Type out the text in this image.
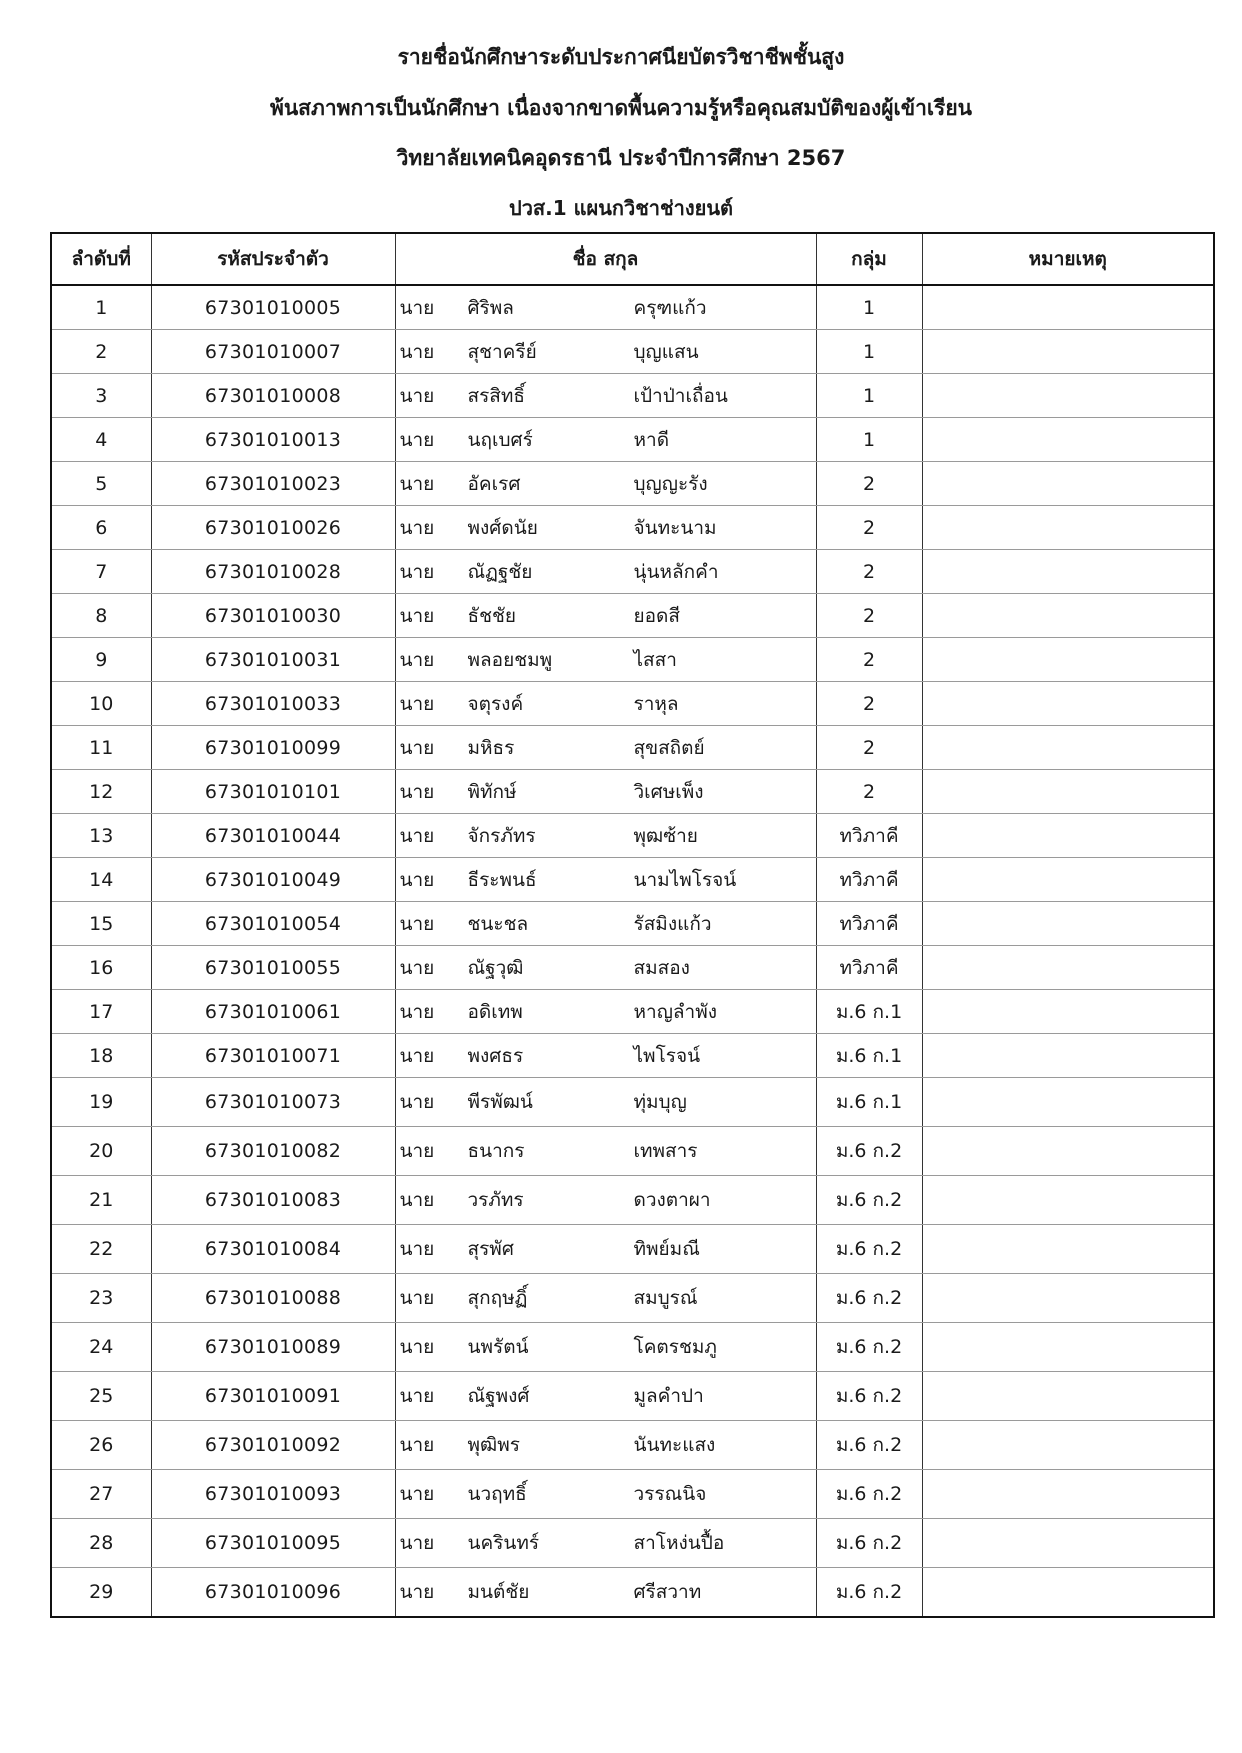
รายชื่อนักศึกษาระดับประกาศนียบัตรวิชาชีพชั้นสูง
พ้นสภาพการเป็นนักศึกษา เนื่องจากขาดพื้นความรู้หรือคุณสมบัติของผู้เข้าเรียน
วิทยาลัยเทคนิคอุดรธานี ประจำปีการศึกษา 2567
ปวส.1 แผนกวิชาช่างยนต์
ลำดับที่	รหัสประจำตัว	ชื่อ สกุล	กลุ่ม	หมายเหตุ
1	67301010005	นาย ศิริพล ครุฑแก้ว	1	
2	67301010007	นาย สุชาครีย์ บุญแสน	1	
3	67301010008	นาย สรสิทธิ์ เป้าป่าเถื่อน	1	
4	67301010013	นาย นฤเบศร์ หาดี	1	
5	67301010023	นาย อัคเรศ บุญญะรัง	2	
6	67301010026	นาย พงศ์ดนัย จันทะนาม	2	
7	67301010028	นาย ณัฏฐชัย นุ่นหลักคำ	2	
8	67301010030	นาย ธัชชัย ยอดสี	2	
9	67301010031	นาย พลอยชมพู ไสสา	2	
10	67301010033	นาย จตุรงค์ ราหุล	2	
11	67301010099	นาย มหิธร สุขสถิตย์	2	
12	67301010101	นาย พิทักษ์ วิเศษเพ็ง	2	
13	67301010044	นาย จักรภัทร พุฒซ้าย	ทวิภาคี	
14	67301010049	นาย ธีระพนธ์ นามไพโรจน์	ทวิภาคี	
15	67301010054	นาย ชนะชล รัสมิงแก้ว	ทวิภาคี	
16	67301010055	นาย ณัฐวุฒิ สมสอง	ทวิภาคี	
17	67301010061	นาย อดิเทพ หาญลำพัง	ม.6 ก.1	
18	67301010071	นาย พงศธร ไพโรจน์	ม.6 ก.1	
19	67301010073	นาย พีรพัฒน์ ทุ่มบุญ	ม.6 ก.1	
20	67301010082	นาย ธนากร เทพสาร	ม.6 ก.2	
21	67301010083	นาย วรภัทร ดวงตาผา	ม.6 ก.2	
22	67301010084	นาย สุรพัศ ทิพย์มณี	ม.6 ก.2	
23	67301010088	นาย สุกฤษฏิ์ สมบูรณ์	ม.6 ก.2	
24	67301010089	นาย นพรัตน์ โคตรชมภู	ม.6 ก.2	
25	67301010091	นาย ณัฐพงศ์ มูลคำปา	ม.6 ก.2	
26	67301010092	นาย พุฒิพร นันทะแสง	ม.6 ก.2	
27	67301010093	นาย นวฤทธิ์ วรรณนิจ	ม.6 ก.2	
28	67301010095	นาย นครินทร์ สาโหง่นปื้อ	ม.6 ก.2	
29	67301010096	นาย มนต์ชัย ศรีสวาท	ม.6 ก.2	
